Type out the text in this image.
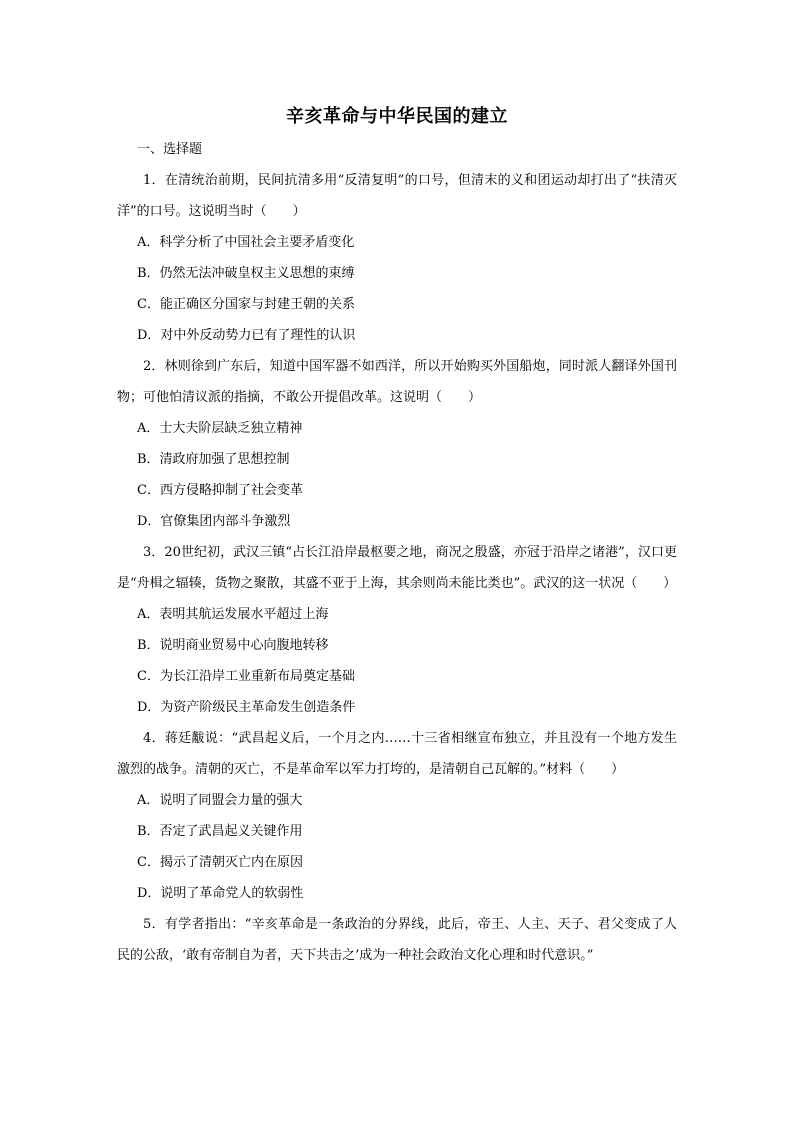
辛亥革命与中华民国的建立

一、选择题

1．在清统治前期，民间抗清多用“反清复明”的口号，但清末的义和团运动却打出了“扶清灭洋”的口号。这说明当时（　　）

A．科学分析了中国社会主要矛盾变化

B．仍然无法冲破皇权主义思想的束缚

C．能正确区分国家与封建王朝的关系

D．对中外反动势力已有了理性的认识

2．林则徐到广东后，知道中国军器不如西洋，所以开始购买外国船炮，同时派人翻译外国刊物；可他怕清议派的指摘，不敢公开提倡改革。这说明（　　）

A．士大夫阶层缺乏独立精神

B．清政府加强了思想控制

C．西方侵略抑制了社会变革

D．官僚集团内部斗争激烈

3．20世纪初，武汉三镇“占长江沿岸最枢要之地，商况之殷盛，亦冠于沿岸之诸港”，汉口更是“舟楫之辐辏，货物之聚散，其盛不亚于上海，其余则尚未能比类也”。武汉的这一状况（　　）

A．表明其航运发展水平超过上海

B．说明商业贸易中心向腹地转移

C．为长江沿岸工业重新布局奠定基础

D．为资产阶级民主革命发生创造条件

4．蒋廷黻说：“武昌起义后，一个月之内……十三省相继宣布独立，并且没有一个地方发生激烈的战争。清朝的灭亡，不是革命军以军力打垮的，是清朝自己瓦解的。”材料（　　）

A．说明了同盟会力量的强大

B．否定了武昌起义关键作用

C．揭示了清朝灭亡内在原因

D．说明了革命党人的软弱性

5．有学者指出：“辛亥革命是一条政治的分界线，此后，帝王、人主、天子、君父变成了人民的公敌，‘敢有帝制自为者，天下共击之’成为一种社会政治文化心理和时代意识。”
